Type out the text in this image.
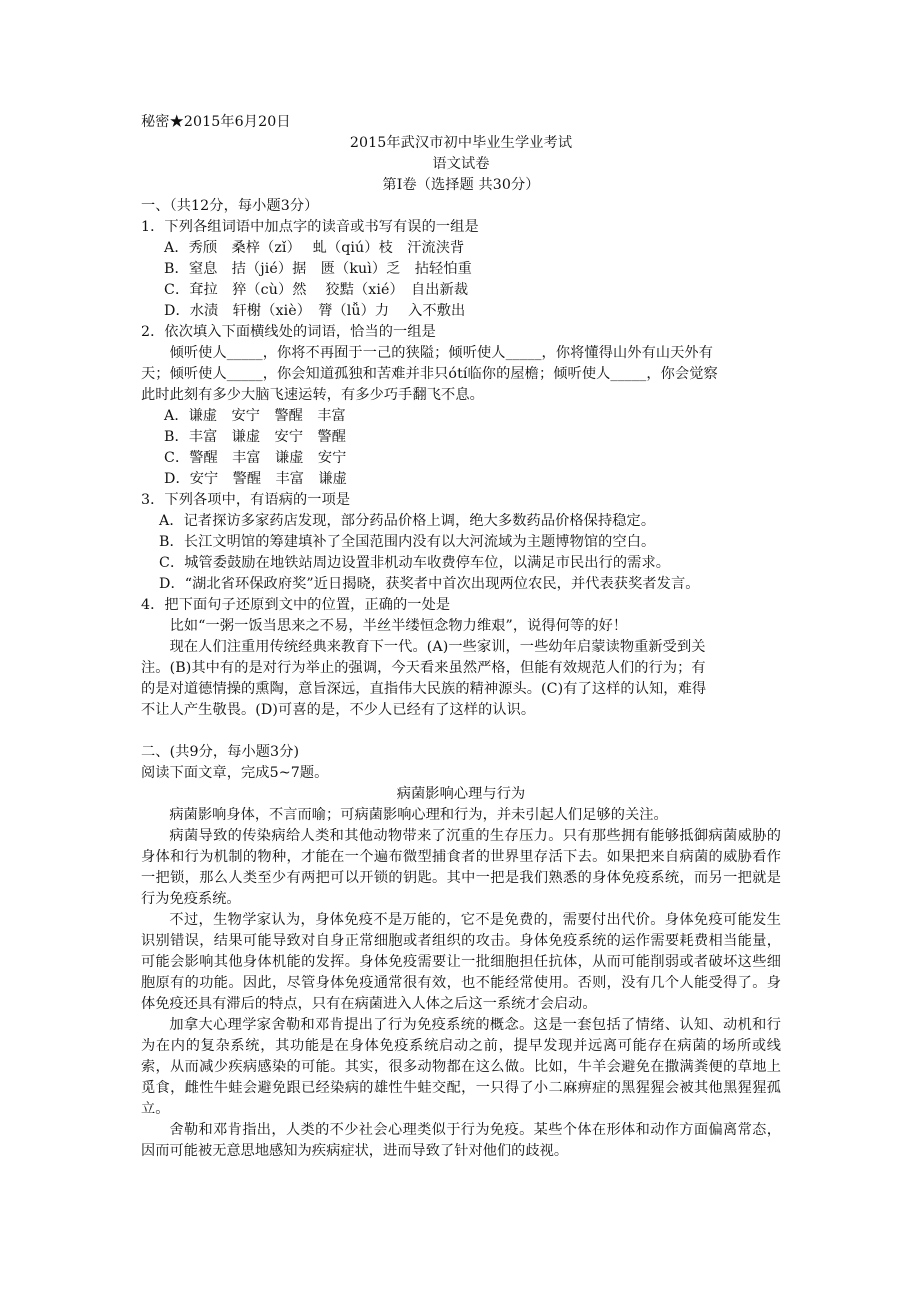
秘密★2015年6月20日
2015年武汉市初中毕业生学业考试
语文试卷
第Ⅰ卷（选择题 共30分）
一、（共12分，每小题3分）
1．下列各组词语中加点字的读音或书写有误的一组是
A．秀颀　桑梓（zǐ）　 虬（qiú）枝　汗流浃背
B．窒息　拮（jié）据　匮（kuì）乏　拈轻怕重
C．耷拉　猝（cù）然　 狡黠（xié）　自出新裁
D．水渍　轩榭（xiè）　膂（lǚ）力　 入不敷出
2．依次填入下面横线处的词语，恰当的一组是
　　倾听使人_____，你将不再囿于一己的狭隘；倾听使人_____，你将懂得山外有山天外有
天；倾听使人_____，你会知道孤独和苦难并非只ótí临你的屋檐；倾听使人_____，你会觉察
此时此刻有多少大脑飞速运转，有多少巧手翻飞不息。
A．谦虚　安宁　警醒　丰富
B．丰富　谦虚　安宁　警醒
C．警醒　丰富　谦虚　安宁
D．安宁　警醒　丰富　谦虚
3．下列各项中，有语病的一项是
A．记者探访多家药店发现，部分药品价格上调，绝大多数药品价格保持稳定。
B．长江文明馆的筹建填补了全国范围内没有以大河流域为主题博物馆的空白。
C．城管委鼓励在地铁站周边设置非机动车收费停车位，以满足市民出行的需求。
D．“湖北省环保政府奖”近日揭晓，获奖者中首次出现两位农民，并代表获奖者发言。
4．把下面句子还原到文中的位置，正确的一处是
　　比如“一粥一饭当思来之不易，半丝半缕恒念物力维艰”，说得何等的好！
　　现在人们注重用传统经典来教育下一代。(A)一些家训，一些幼年启蒙读物重新受到关
注。(B)其中有的是对行为举止的强调，今天看来虽然严格，但能有效规范人们的行为；有
的是对道德情操的熏陶，意旨深远，直指伟大民族的精神源头。(C)有了这样的认知，难得
不让人产生敬畏。(D)可喜的是，不少人已经有了这样的认识。
二、(共9分，每小题3分)
阅读下面文章，完成5~7题。
病菌影响心理与行为

病菌影响身体，不言而喻；可病菌影响心理和行为，并未引起人们足够的关注。

病菌导致的传染病给人类和其他动物带来了沉重的生存压力。只有那些拥有能够抵御病菌威胁的身体和行为机制的物种，才能在一个遍布微型捕食者的世界里存活下去。如果把来自病菌的威胁看作一把锁，那么人类至少有两把可以开锁的钥匙。其中一把是我们熟悉的身体免疫系统，而另一把就是行为免疫系统。

不过，生物学家认为，身体免疫不是万能的，它不是免费的，需要付出代价。身体免疫可能发生识别错误，结果可能导致对自身正常细胞或者组织的攻击。身体免疫系统的运作需要耗费相当能量，可能会影响其他身体机能的发挥。身体免疫需要让一批细胞担任抗体，从而可能削弱或者破坏这些细胞原有的功能。因此，尽管身体免疫通常很有效，也不能经常使用。否则，没有几个人能受得了。身体免疫还具有滞后的特点，只有在病菌进入人体之后这一系统才会启动。

加拿大心理学家舍勒和邓肯提出了行为免疫系统的概念。这是一套包括了情绪、认知、动机和行为在内的复杂系统，其功能是在身体免疫系统启动之前，提早发现并远离可能存在病菌的场所或线索，从而减少疾病感染的可能。其实，很多动物都在这么做。比如，牛羊会避免在撒满粪便的草地上觅食，雌性牛蛙会避免跟已经染病的雄性牛蛙交配，一只得了小二麻痹症的黑猩猩会被其他黑猩猩孤立。

舍勒和邓肯指出，人类的不少社会心理类似于行为免疫。某些个体在形体和动作方面偏离常态，因而可能被无意思地感知为疾病症状，进而导致了针对他们的歧视。
